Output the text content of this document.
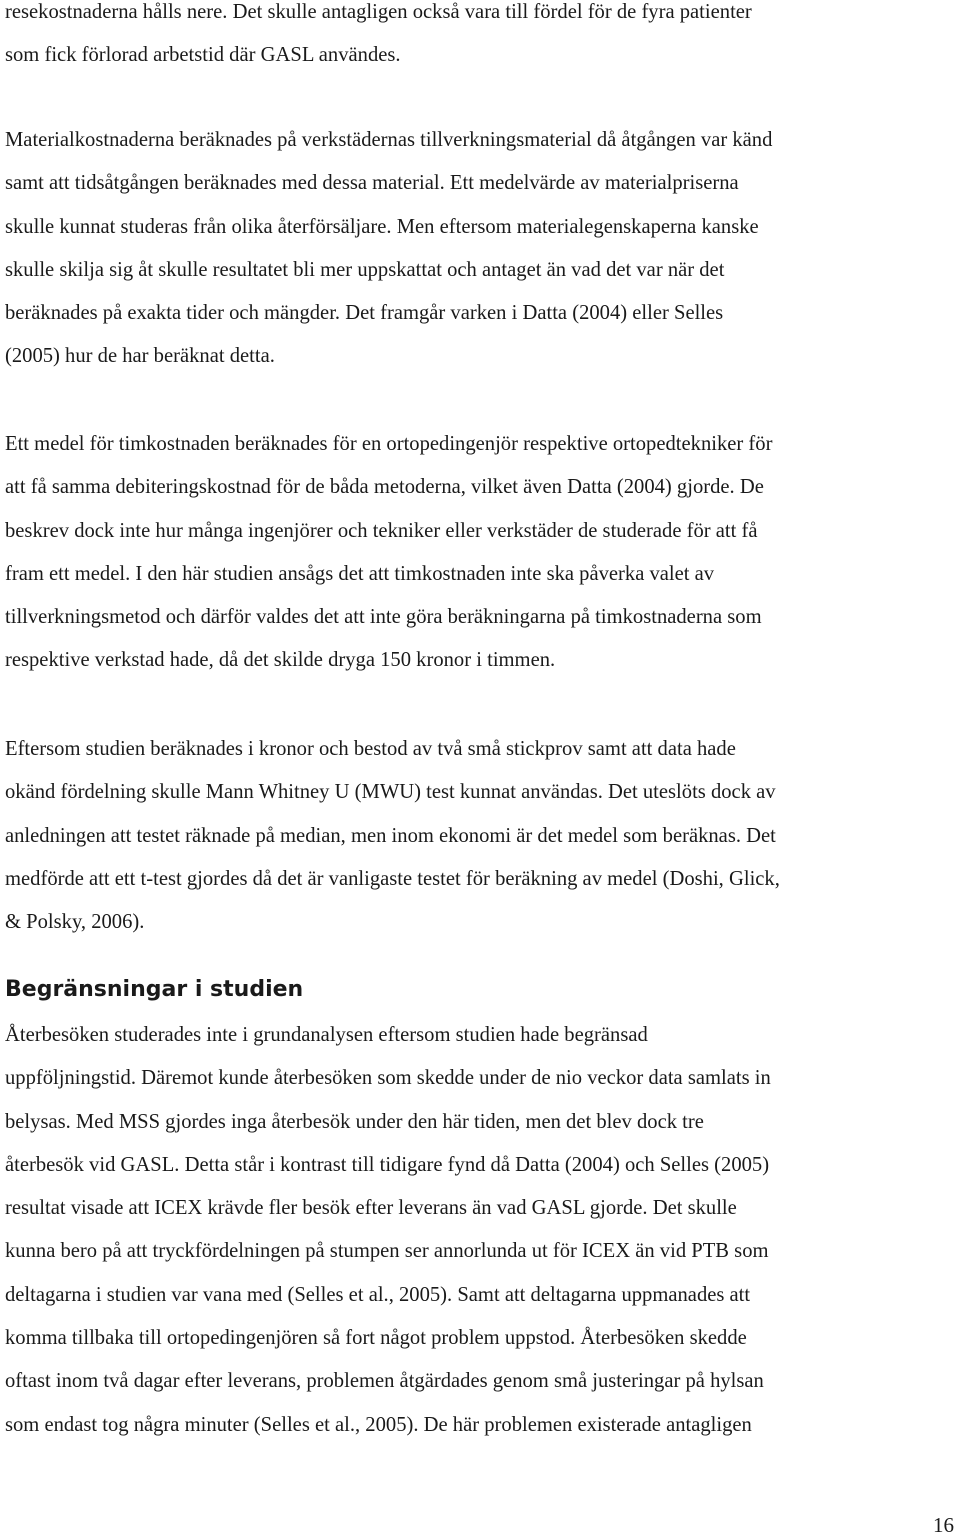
resekostnaderna hålls nere. Det skulle antagligen också vara till fördel för de fyra patienter
som fick förlorad arbetstid där GASL användes.

Materialkostnaderna beräknades på verkstädernas tillverkningsmaterial då åtgången var känd
samt att tidsåtgången beräknades med dessa material. Ett medelvärde av materialpriserna
skulle kunnat studeras från olika återförsäljare. Men eftersom materialegenskaperna kanske
skulle skilja sig åt skulle resultatet bli mer uppskattat och antaget än vad det var när det
beräknades på exakta tider och mängder. Det framgår varken i Datta (2004) eller Selles
(2005) hur de har beräknat detta.

Ett medel för timkostnaden beräknades för en ortopedingenjör respektive ortopedtekniker för
att få samma debiteringskostnad för de båda metoderna, vilket även Datta (2004) gjorde. De
beskrev dock inte hur många ingenjörer och tekniker eller verkstäder de studerade för att få
fram ett medel. I den här studien ansågs det att timkostnaden inte ska påverka valet av
tillverkningsmetod och därför valdes det att inte göra beräkningarna på timkostnaderna som
respektive verkstad hade, då det skilde dryga 150 kronor i timmen.

Eftersom studien beräknades i kronor och bestod av två små stickprov samt att data hade
okänd fördelning skulle Mann Whitney U (MWU) test kunnat användas. Det uteslöts dock av
anledningen att testet räknade på median, men inom ekonomi är det medel som beräknas. Det
medförde att ett t-test gjordes då det är vanligaste testet för beräkning av medel (Doshi, Glick,
& Polsky, 2006).

Återbesöken studerades inte i grundanalysen eftersom studien hade begränsad
uppföljningstid. Däremot kunde återbesöken som skedde under de nio veckor data samlats in
belysas. Med MSS gjordes inga återbesök under den här tiden, men det blev dock tre
återbesök vid GASL. Detta står i kontrast till tidigare fynd då Datta (2004) och Selles (2005)
resultat visade att ICEX krävde fler besök efter leverans än vad GASL gjorde. Det skulle
kunna bero på att tryckfördelningen på stumpen ser annorlunda ut för ICEX än vid PTB som
deltagarna i studien var vana med (Selles et al., 2005). Samt att deltagarna uppmanades att
komma tillbaka till ortopedingenjören så fort något problem uppstod. Återbesöken skedde
oftast inom två dagar efter leverans, problemen åtgärdades genom små justeringar på hylsan
som endast tog några minuter (Selles et al., 2005). De här problemen existerade antagligen

Begränsningar i studien
16
